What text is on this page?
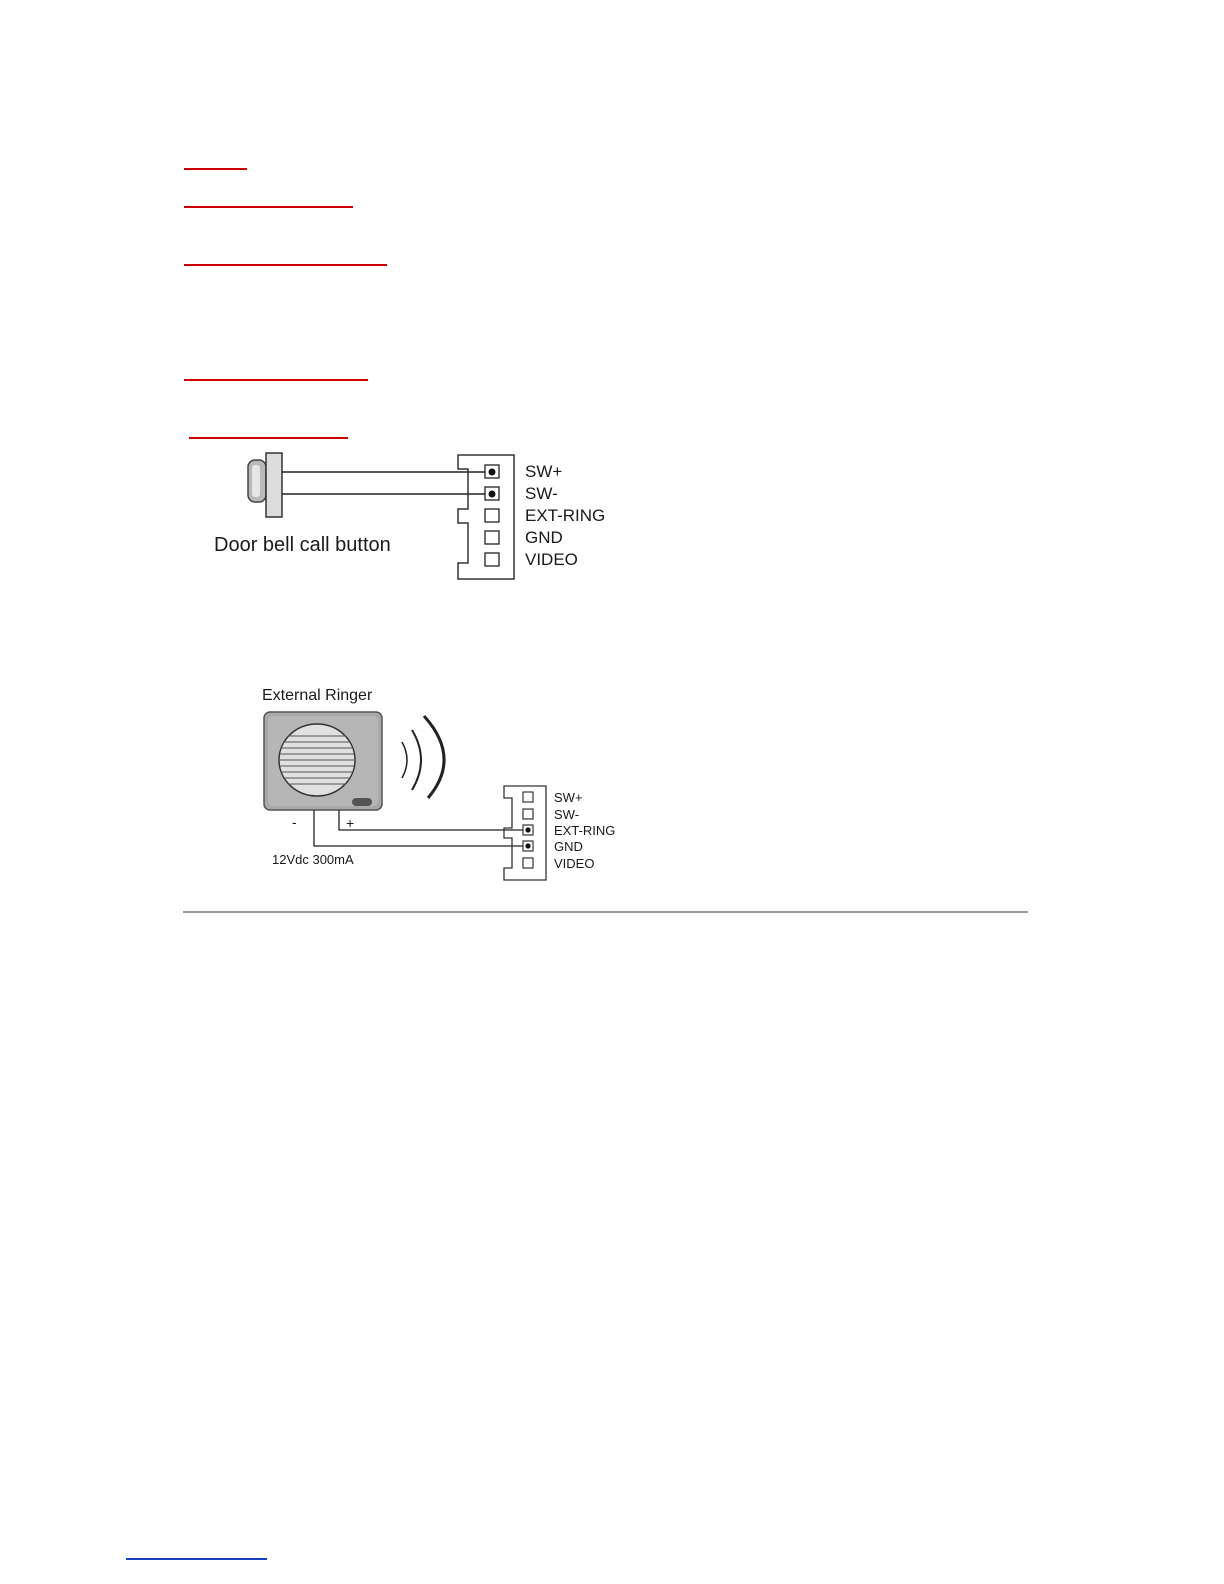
SW+
SW-
EXT-RING
GND
VIDEO
Door bell call button
External Ringer
-	+
12Vdc 300mA
SW+
SW-
EXT-RING
GND
VIDEO
